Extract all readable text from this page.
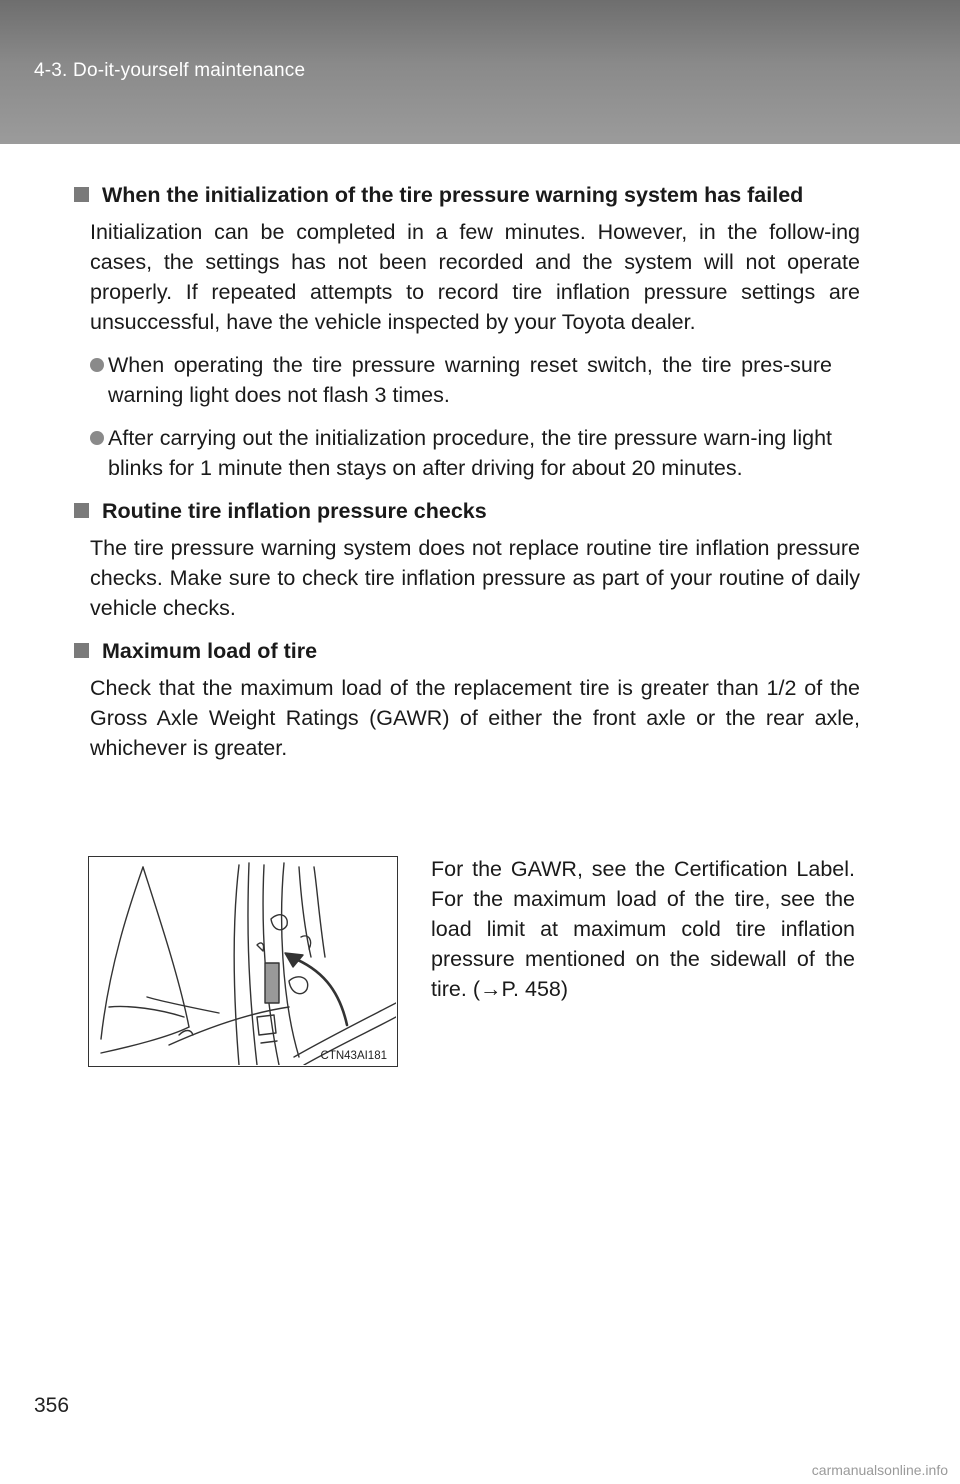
4-3. Do-it-yourself maintenance
When the initialization of the tire pressure warning system has failed
Initialization can be completed in a few minutes. However, in the follow-ing cases, the settings has not been recorded and the system will not operate properly. If repeated attempts to record tire inflation pressure settings are unsuccessful, have the vehicle inspected by your Toyota dealer.
When operating the tire pressure warning reset switch, the tire pres-sure warning light does not flash 3 times.
After carrying out the initialization procedure, the tire pressure warn-ing light blinks for 1 minute then stays on after driving for about 20 minutes.
Routine tire inflation pressure checks
The tire pressure warning system does not replace routine tire inflation pressure checks. Make sure to check tire inflation pressure as part of your routine of daily vehicle checks.
Maximum load of tire
Check that the maximum load of the replacement tire is greater than 1/2 of the Gross Axle Weight Ratings (GAWR) of either the front axle or the rear axle, whichever is greater.
CTN43AI181
For the GAWR, see the Certification Label. For the maximum load of the tire, see the load limit at maximum cold tire inflation pressure mentioned on the sidewall of the tire. (→P. 458)
356
carmanualsonline.info
